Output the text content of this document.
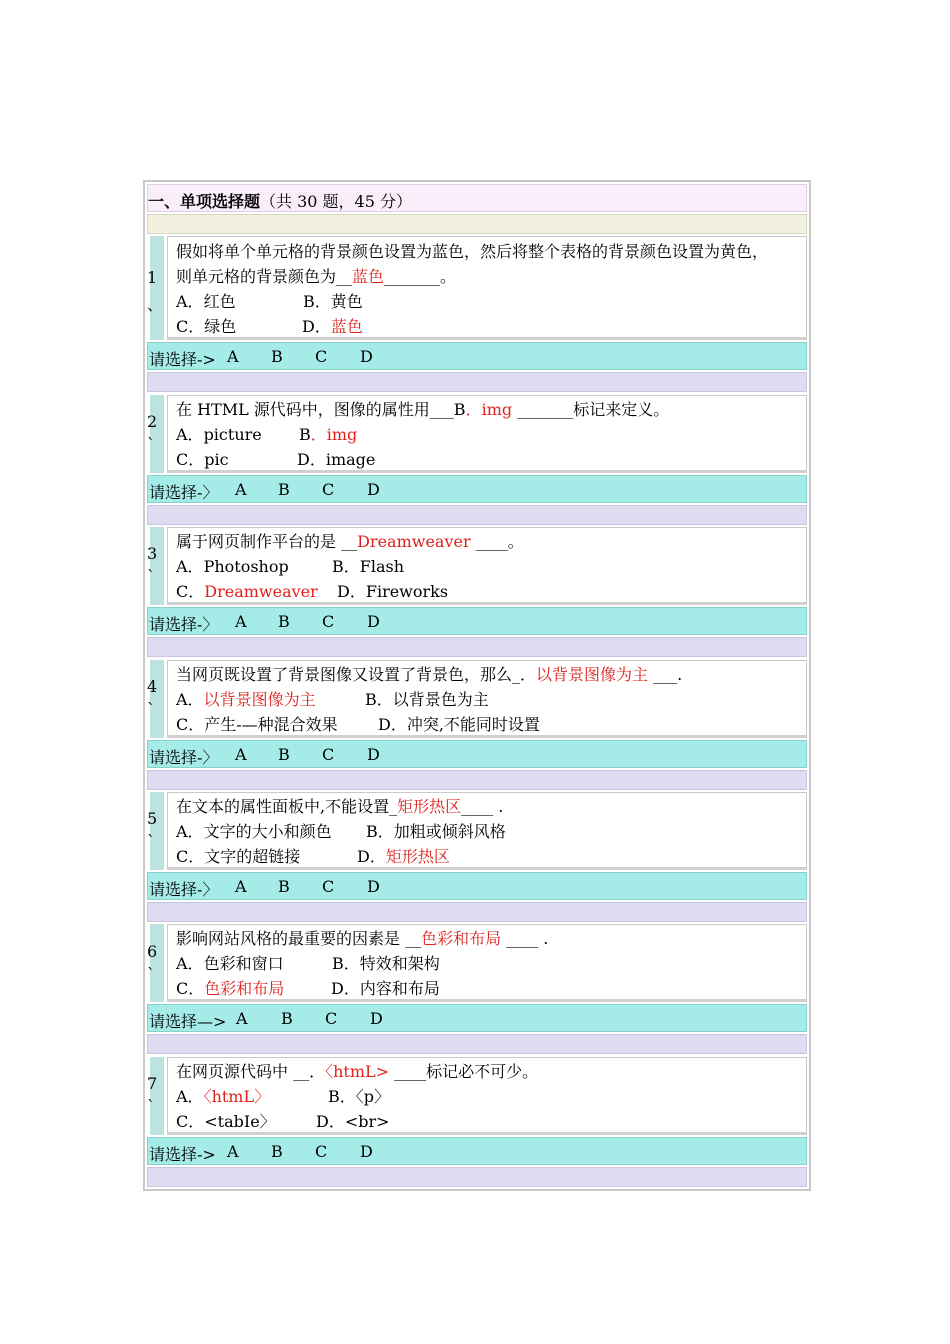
一、单项选择题（共 30 题，45 分）
1
、
假如将单个单元格的背景颜色设置为蓝色，然后将整个表格的背景颜色设置为黄色，
则单元格的背景颜色为__蓝色_______。
A．红色	B．黄色
C．绿色	D．蓝色
请选择-> A B C D
2
`
在 HTML 源代码中，图像的属性用___B．img _______标记来定义。
A．picture B．img
C．pic	D．image
请选择-〉 A B C D
3
`
属于网页制作平台的是 __Dreamweaver ____。
A．Photoshop	B．Flash
C．Dreamweaver D．Fireworks
请选择-〉 A B C D
4
`
当网页既设置了背景图像又设置了背景色，那么_．以背景图像为主 ___.
A．以背景图像为主	B．以背景色为主
C．产生-—种混合效果	D．冲突,不能同时设置
请选择-〉 A B C D
5
`
在文本的属性面板中,不能设置_矩形热区____ .
A．文字的大小和颜色 B．加粗或倾斜风格
C．文字的超链接	D．矩形热区
请选择-〉 A B C D
6
`
影响网站风格的最重要的因素是 __色彩和布局 ____ .
A．色彩和窗口	B．特效和架构
C．色彩和布局	D．内容和布局
请选择—> A B C D
7
`
在网页源代码中 __．〈htmL> ____标记必不可少。
A．〈htmL〉	B．〈p〉
C．<tabIe〉	D．<br>
请选择-> A B C D
